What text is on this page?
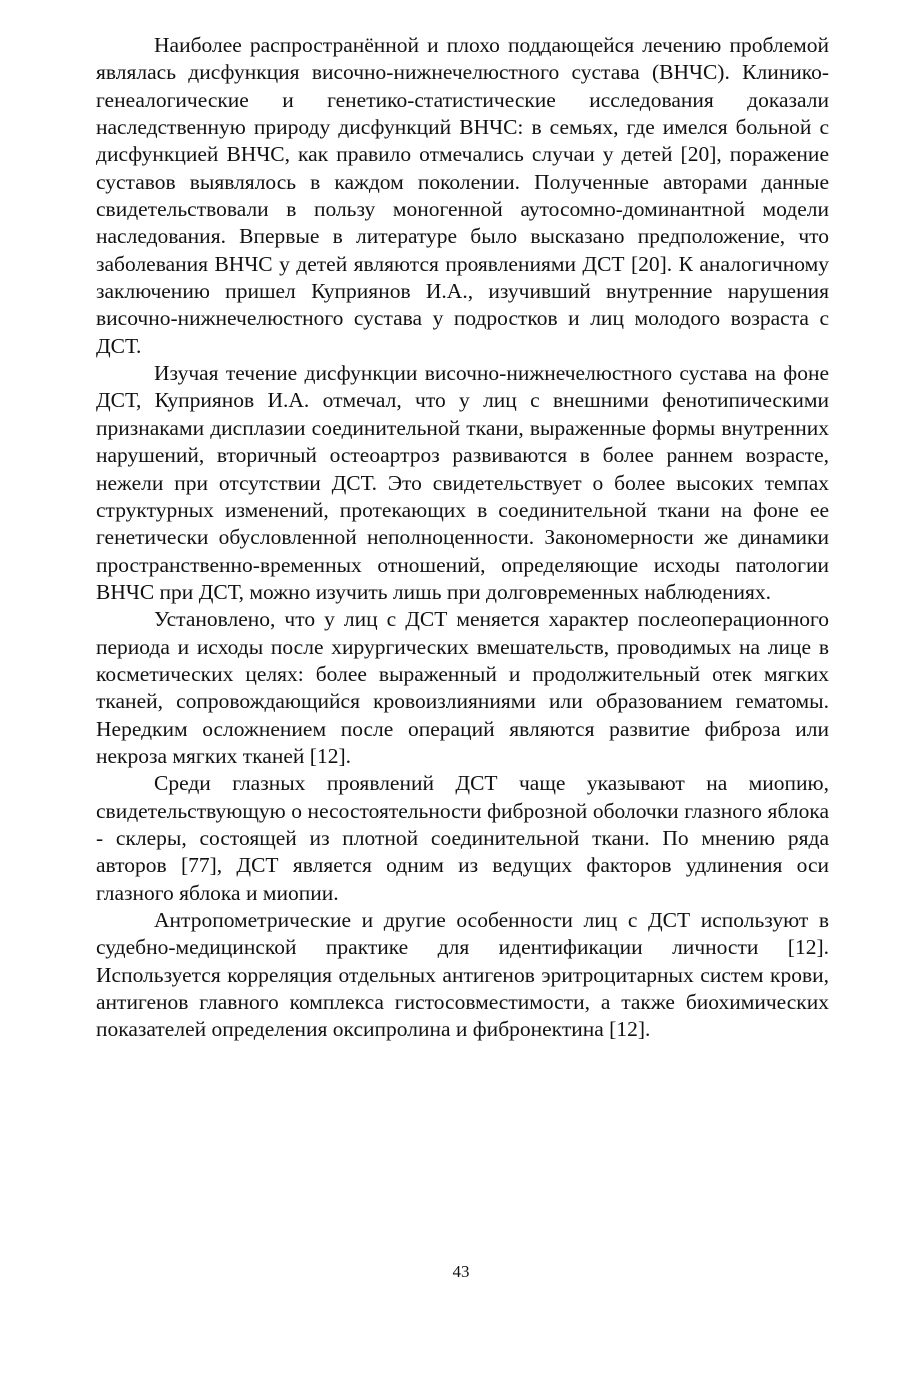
Наиболее распространённой и плохо поддающейся лечению проблемой являлась дисфункция височно-нижнечелюстного сустава (ВНЧС). Клинико-генеалогические и генетико-статистические исследования доказали наследственную природу дисфункций ВНЧС: в семьях, где имелся больной с дисфункцией ВНЧС, как правило отмечались случаи у детей [20], поражение суставов выявлялось в каждом поколении. Полученные авторами данные свидетельствовали в пользу моногенной аутосомно-доминантной модели наследования. Впервые в литературе было высказано предположение, что заболевания ВНЧС у детей являются проявлениями ДСТ [20]. К аналогичному заключению пришел Куприянов И.А., изучивший внутренние нарушения височно-нижнечелюстного сустава у подростков и лиц молодого возраста с ДСТ.

Изучая течение дисфункции височно-нижнечелюстного сустава на фоне ДСТ, Куприянов И.А. отмечал, что у лиц с внешними фенотипическими признаками дисплазии соединительной ткани, выраженные формы внутренних нарушений, вторичный остеоартроз развиваются в более раннем возрасте, нежели при отсутствии ДСТ. Это свидетельствует о более высоких темпах структурных изменений, протекающих в соединительной ткани на фоне ее генетически обусловленной неполноценности. Закономерности же динамики пространственно-временных отношений, определяющие исходы патологии ВНЧС при ДСТ, можно изучить лишь при долговременных наблюдениях.

Установлено, что у лиц с ДСТ меняется характер послеоперационного периода и исходы после хирургических вмешательств, проводимых на лице в косметических целях: более выраженный и продолжительный отек мягких тканей, сопровождающийся кровоизлияниями или образованием гематомы. Нередким осложнением после операций являются развитие фиброза или некроза мягких тканей [12].

Среди глазных проявлений ДСТ чаще указывают на миопию, свидетельствующую о несостоятельности фиброзной оболочки глазного яблока - склеры, состоящей из плотной соединительной ткани. По мнению ряда авторов [77], ДСТ является одним из ведущих факторов удлинения оси глазного яблока и миопии.

Антропометрические и другие особенности лиц с ДСТ используют в судебно-медицинской практике для идентификации личности [12]. Используется корреляция отдельных антигенов эритроцитарных систем крови, антигенов главного комплекса гистосовместимости, а также биохимических показателей определения оксипролина и фибронектина [12].

43
